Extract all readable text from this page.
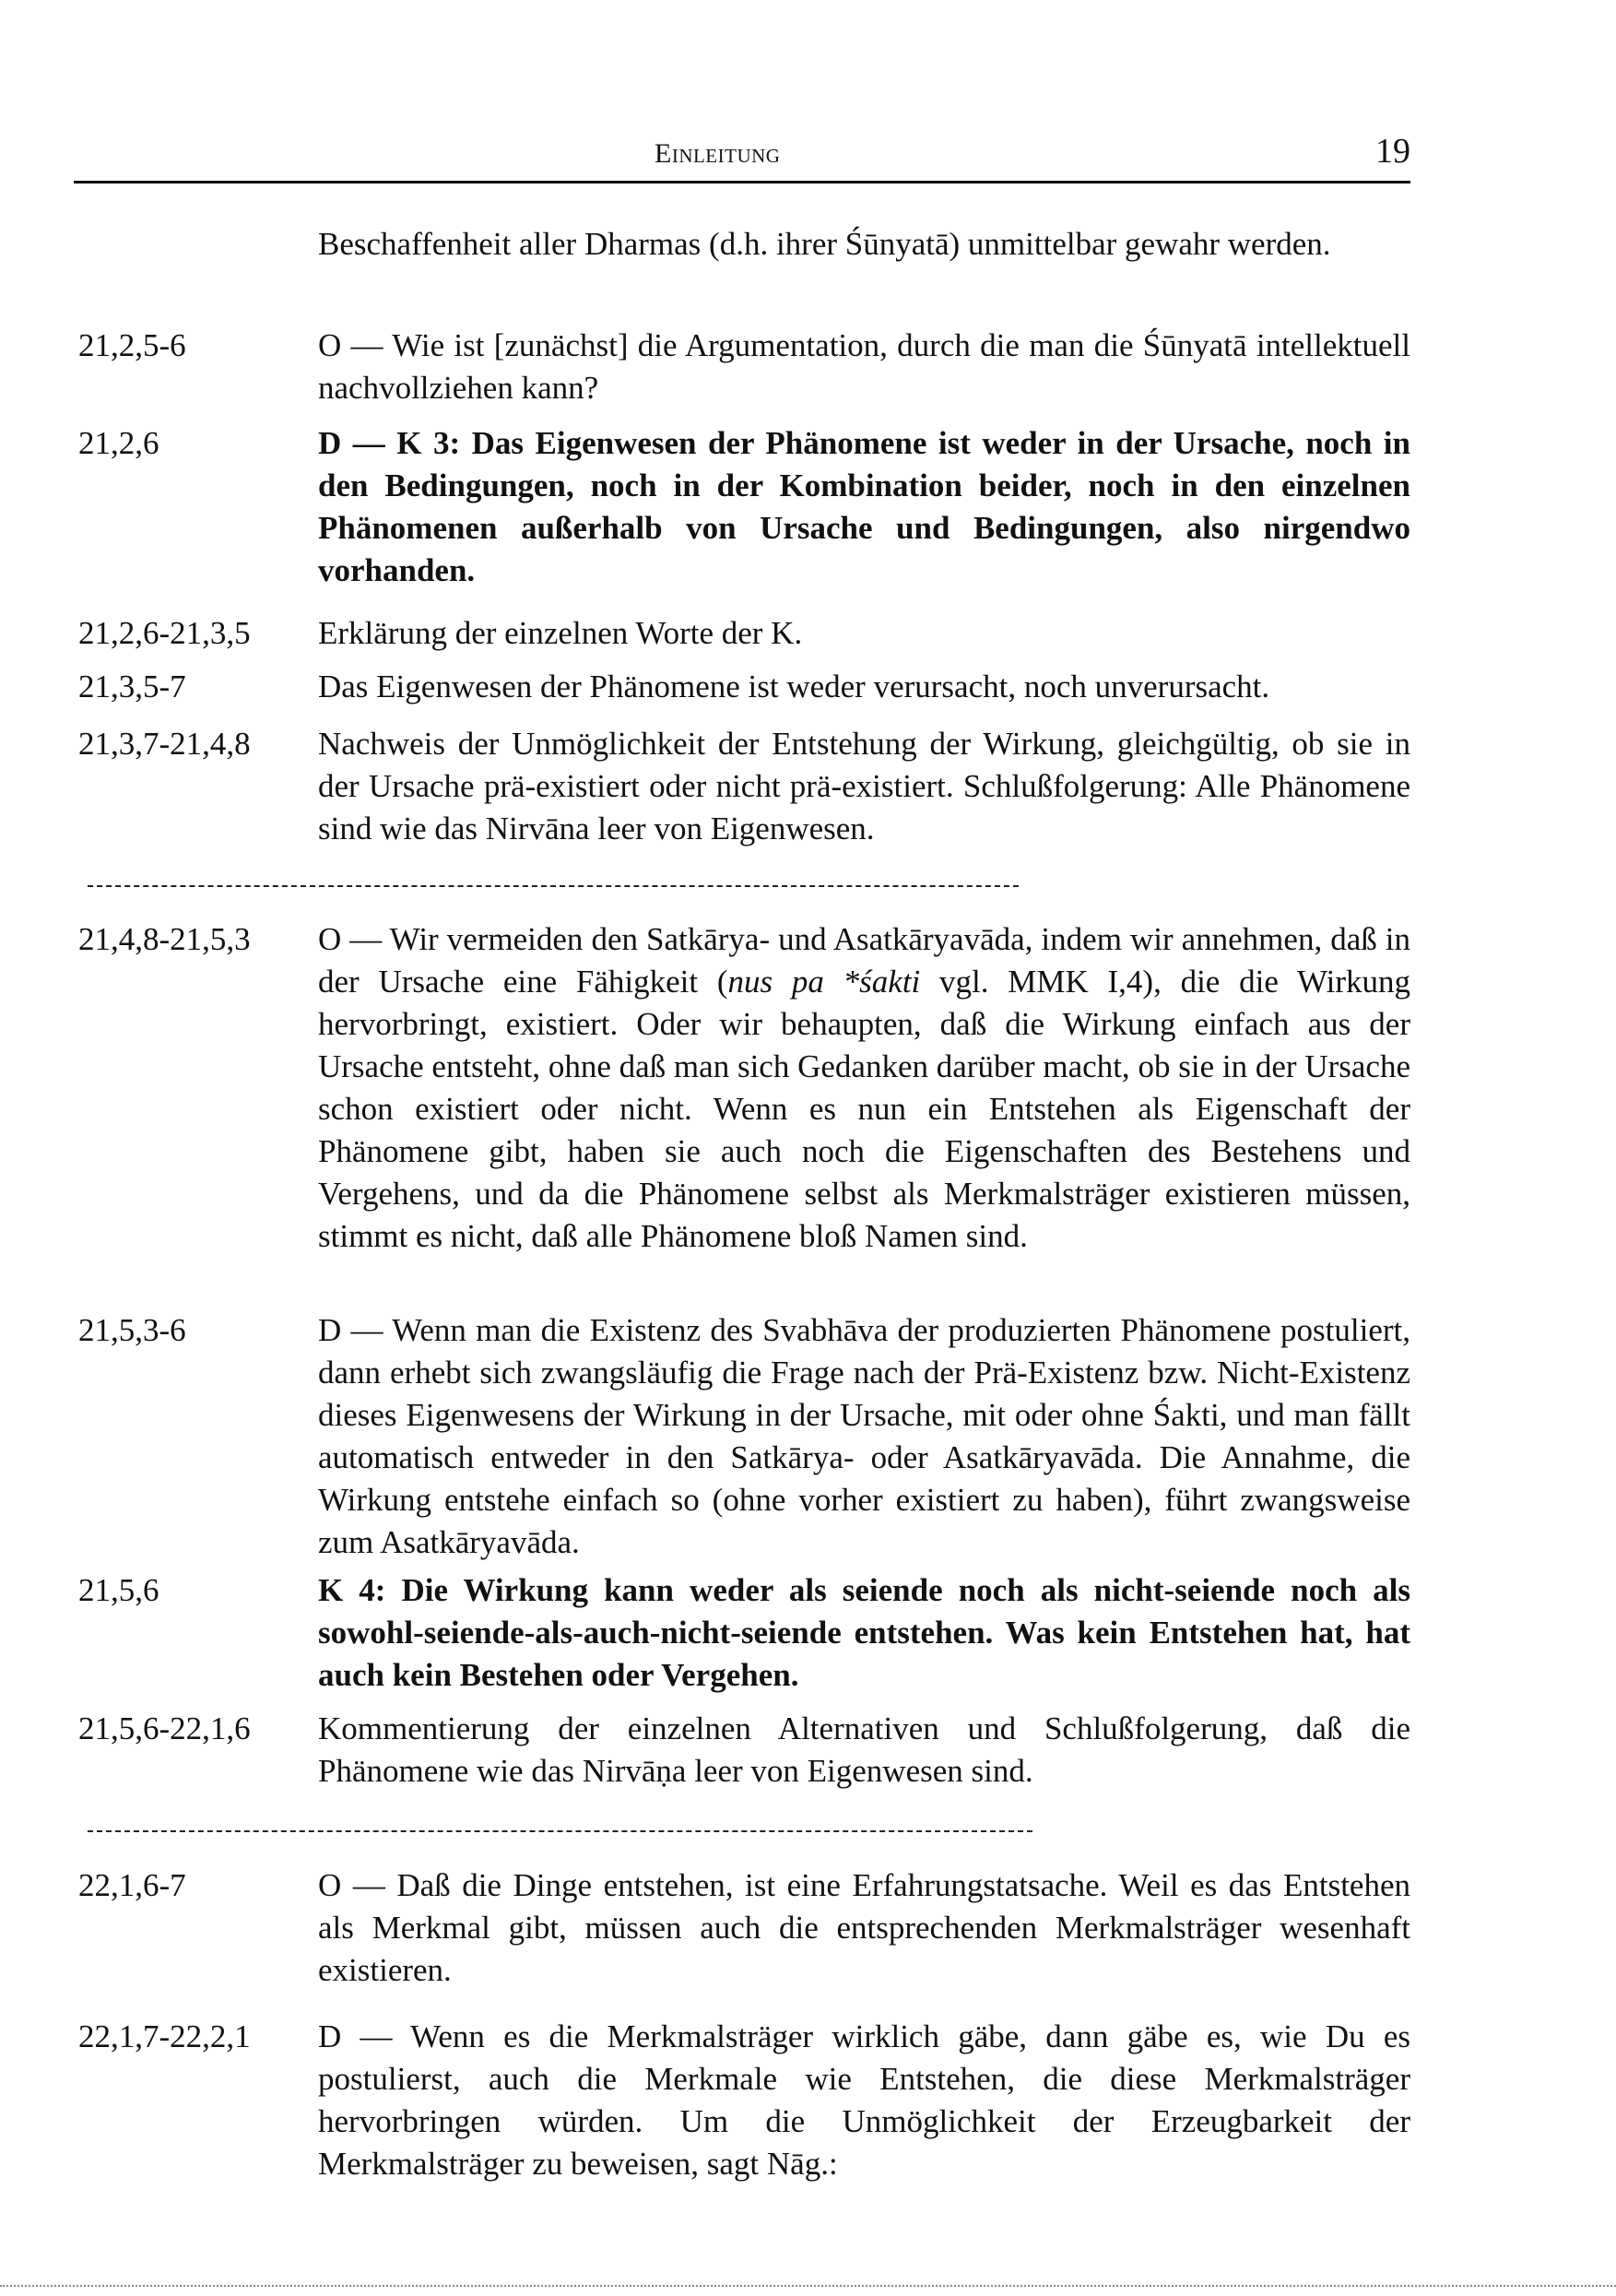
Einleitung	19
Beschaffenheit aller Dharmas (d.h. ihrer Śūnyatā) unmittelbar gewahr werden.
21,2,5-6	O — Wie ist [zunächst] die Argumentation, durch die man die Śūnyatā intellektuell nachvollziehen kann?
21,2,6	D — K 3: Das Eigenwesen der Phänomene ist weder in der Ursache, noch in den Bedingungen, noch in der Kombination beider, noch in den einzelnen Phänomenen außerhalb von Ursache und Bedingungen, also nirgendwo vorhanden.
21,2,6-21,3,5	Erklärung der einzelnen Worte der K.
21,3,5-7	Das Eigenwesen der Phänomene ist weder verursacht, noch unverursacht.
21,3,7-21,4,8	Nachweis der Unmöglichkeit der Entstehung der Wirkung, gleichgültig, ob sie in der Ursache prä-existiert oder nicht prä-existiert. Schlußfolgerung: Alle Phänomene sind wie das Nirvāna leer von Eigenwesen.
21,4,8-21,5,3	O — Wir vermeiden den Satkārya- und Asatkāryavāda, indem wir annehmen, daß in der Ursache eine Fähigkeit (nus pa *śakti vgl. MMK I,4), die die Wirkung hervorbringt, existiert. Oder wir behaupten, daß die Wirkung einfach aus der Ursache entsteht, ohne daß man sich Gedanken darüber macht, ob sie in der Ursache schon existiert oder nicht. Wenn es nun ein Entstehen als Eigenschaft der Phänomene gibt, haben sie auch noch die Eigenschaften des Bestehens und Vergehens, und da die Phänomene selbst als Merkmalsträger existieren müssen, stimmt es nicht, daß alle Phänomene bloß Namen sind.
21,5,3-6	D — Wenn man die Existenz des Svabhāva der produzierten Phänomene postuliert, dann erhebt sich zwangsläufig die Frage nach der Prä-Existenz bzw. Nicht-Existenz dieses Eigenwesens der Wirkung in der Ursache, mit oder ohne Śakti, und man fällt automatisch entweder in den Satkārya- oder Asatkāryavāda. Die Annahme, die Wirkung entstehe einfach so (ohne vorher existiert zu haben), führt zwangsweise zum Asatkāryavāda.
21,5,6	K 4: Die Wirkung kann weder als seiende noch als nicht-seiende noch als sowohl-seiende-als-auch-nicht-seiende entstehen. Was kein Entstehen hat, hat auch kein Bestehen oder Vergehen.
21,5,6-22,1,6	Kommentierung der einzelnen Alternativen und Schlußfolgerung, daß die Phänomene wie das Nirvāṇa leer von Eigenwesen sind.
22,1,6-7	O — Daß die Dinge entstehen, ist eine Erfahrungstatsache. Weil es das Entstehen als Merkmal gibt, müssen auch die entsprechenden Merkmalsträger wesenhaft existieren.
22,1,7-22,2,1	D — Wenn es die Merkmalsträger wirklich gäbe, dann gäbe es, wie Du es postulierst, auch die Merkmale wie Entstehen, die diese Merkmalsträger hervorbringen würden. Um die Unmöglichkeit der Erzeugbarkeit der Merkmalsträger zu beweisen, sagt Nāg.:
